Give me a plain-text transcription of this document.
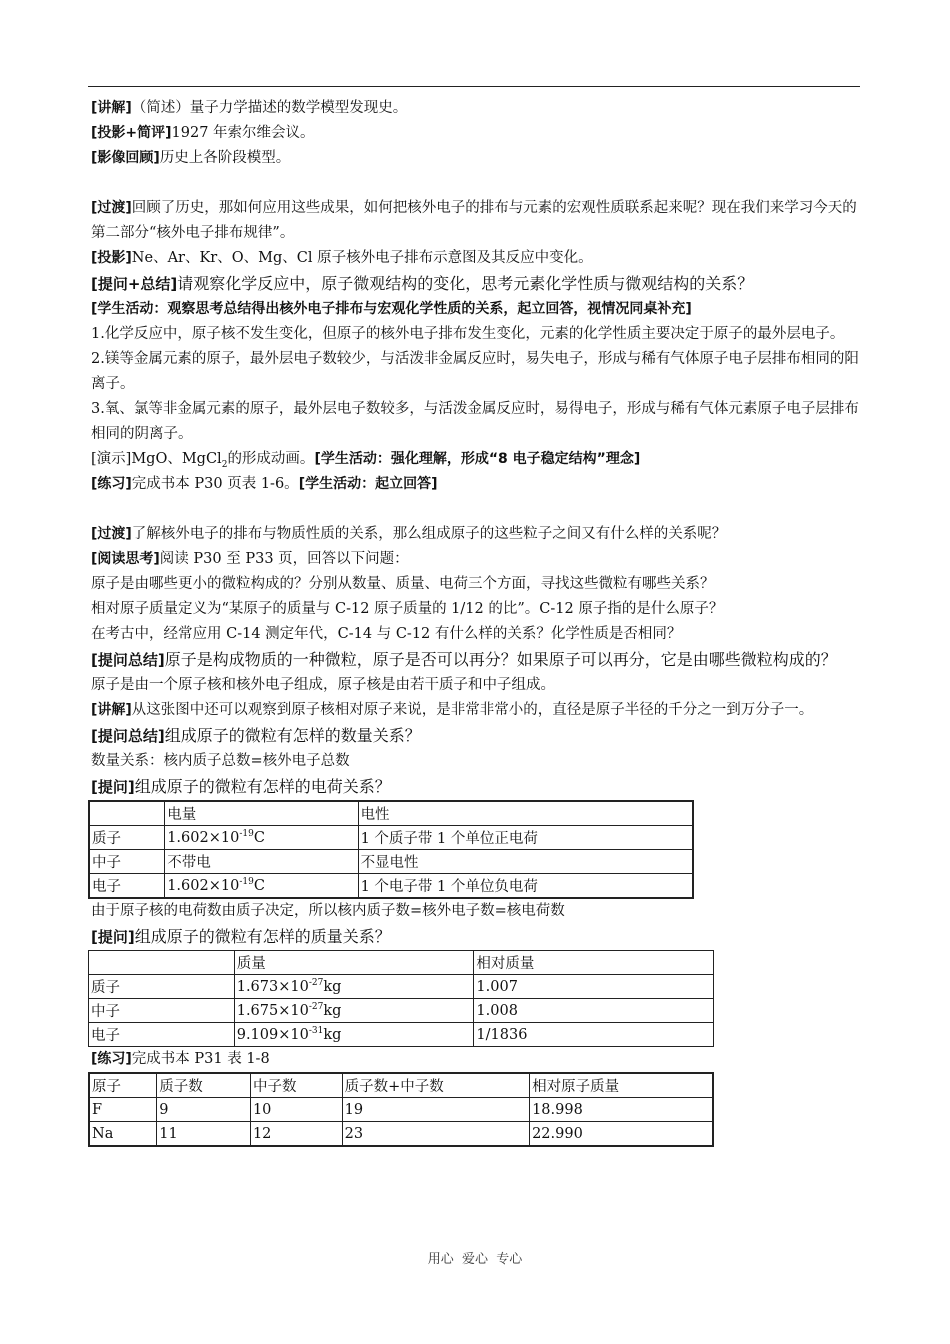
[讲解]（简述）量子力学描述的数学模型发现史。

[投影+简评]1927 年索尔维会议。

[影像回顾]历史上各阶段模型。

[过渡]回顾了历史，那如何应用这些成果，如何把核外电子的排布与元素的宏观性质联系起来呢？现在我们来学习今天的第二部分“核外电子排布规律”。

[投影]Ne、Ar、Kr、O、Mg、Cl 原子核外电子排布示意图及其反应中变化。

[提问+总结]请观察化学反应中，原子微观结构的变化，思考元素化学性质与微观结构的关系？

[学生活动：观察思考总结得出核外电子排布与宏观化学性质的关系，起立回答，视情况同桌补充]

1.化学反应中，原子核不发生变化，但原子的核外电子排布发生变化，元素的化学性质主要决定于原子的最外层电子。

2.镁等金属元素的原子，最外层电子数较少，与活泼非金属反应时，易失电子，形成与稀有气体原子电子层排布相同的阳离子。

3.氧、氯等非金属元素的原子，最外层电子数较多，与活泼金属反应时，易得电子，形成与稀有气体元素原子电子层排布相同的阴离子。

[演示]MgO、MgCl$_2$的形成动画。[学生活动：强化理解，形成“8 电子稳定结构”理念]

[练习]完成书本 P30 页表 1-6。[学生活动：起立回答]

[过渡]了解核外电子的排布与物质性质的关系，那么组成原子的这些粒子之间又有什么样的关系呢？

[阅读思考]阅读 P30 至 P33 页，回答以下问题：

原子是由哪些更小的微粒构成的？分别从数量、质量、电荷三个方面，寻找这些微粒有哪些关系？

相对原子质量定义为“某原子的质量与 C-12 原子质量的 1/12 的比”。C-12 原子指的是什么原子？

在考古中，经常应用 C-14 测定年代，C-14 与 C-12 有什么样的关系？化学性质是否相同？

[提问总结]原子是构成物质的一种微粒，原子是否可以再分？如果原子可以再分，它是由哪些微粒构成的？

原子是由一个原子核和核外电子组成，原子核是由若干质子和中子组成。

[讲解]从这张图中还可以观察到原子核相对原子来说，是非常非常小的，直径是原子半径的千分之一到万分子一。

[提问总结]组成原子的微粒有怎样的数量关系？

数量关系：核内质子总数=核外电子总数

[提问]组成原子的微粒有怎样的电荷关系？

	电量	电性
质子	$1.602\times 10^{-19}C$	1 个质子带 1 个单位正电荷
中子	不带电	不显电性
电子	$1.602\times 10^{-19}C$	1 个电子带 1 个单位负电荷

由于原子核的电荷数由质子决定，所以核内质子数=核外电子数=核电荷数

[提问]组成原子的微粒有怎样的质量关系？

	质量	相对质量
质子	$1.673\times 10^{-27}kg$	1.007
中子	$1.675\times 10^{-27}kg$	1.008
电子	$9.109\times 10^{-31}kg$	1/1836

[练习]完成书本 P31 表 1-8

原子	质子数	中子数	质子数+中子数	相对原子质量
F	9	10	19	18.998
Na	11	12	23	22.990
用心  爱心  专心
